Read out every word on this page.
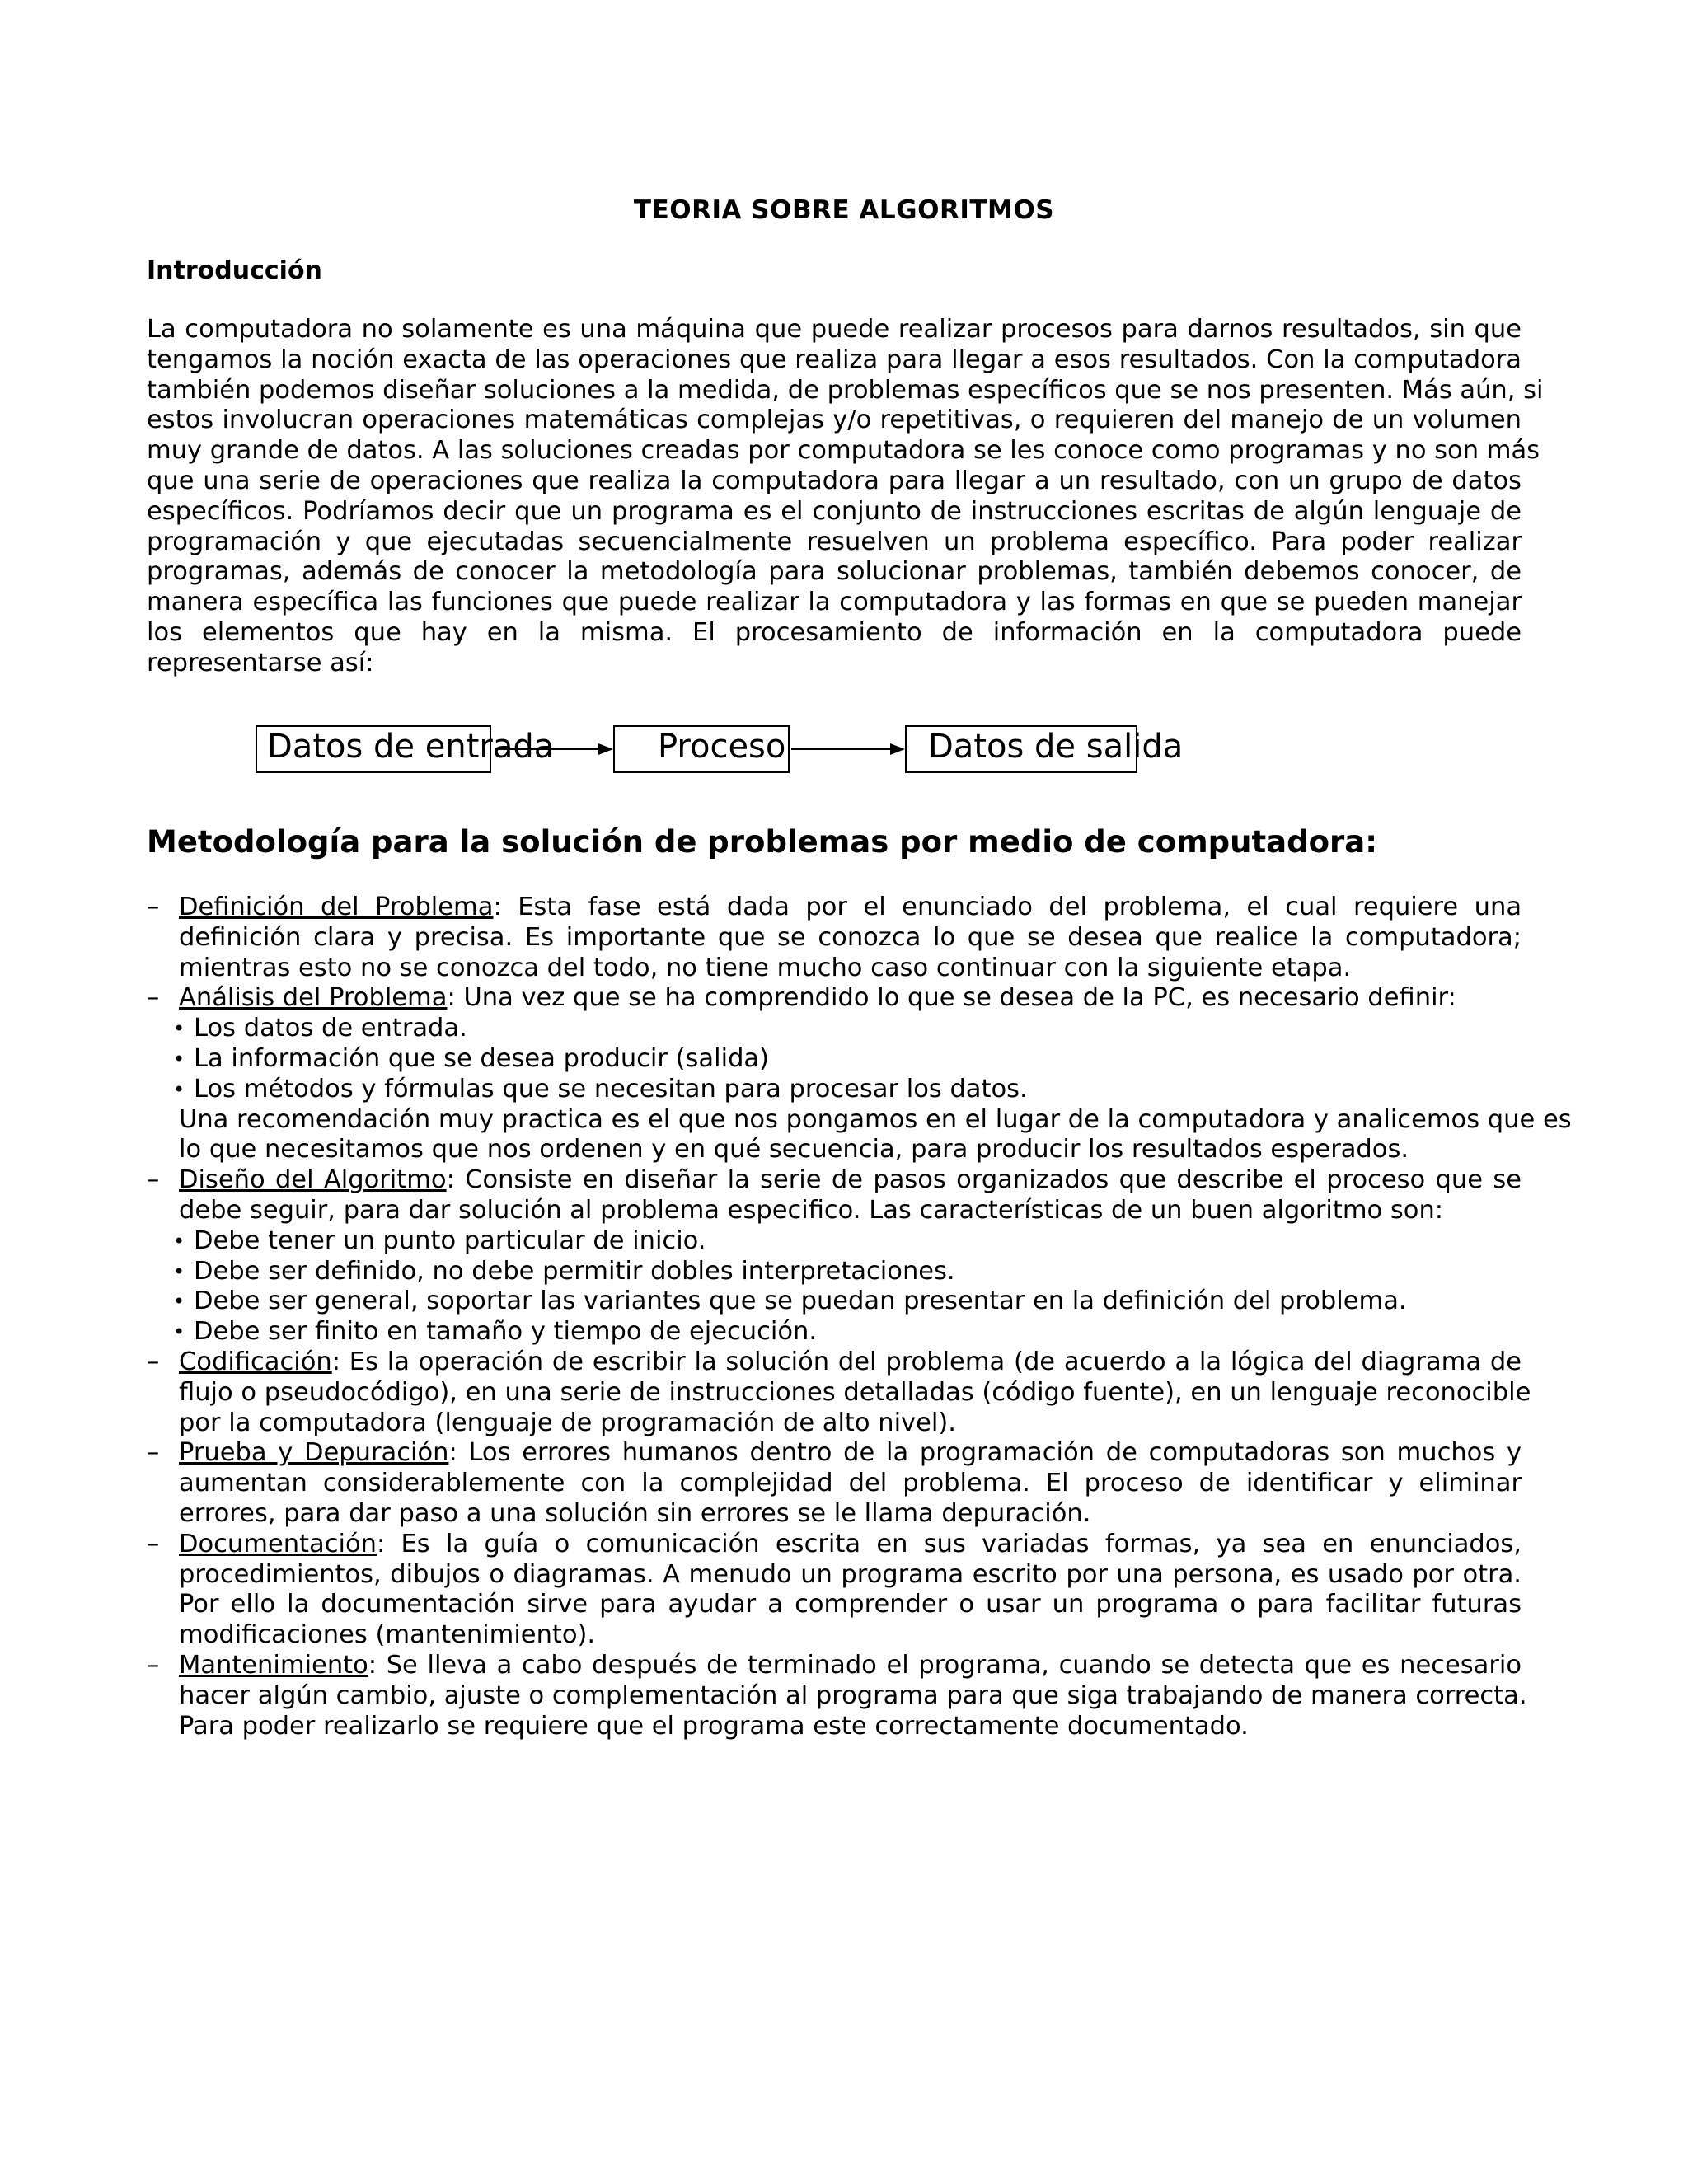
TEORIA SOBRE ALGORITMOS
Introducción
La computadora no solamente es una máquina que puede realizar procesos para darnos resultados, sin que
tengamos la noción exacta de las operaciones que realiza para llegar a esos resultados. Con la computadora
también podemos diseñar soluciones a la medida, de problemas específicos que se nos presenten. Más aún, si
estos involucran operaciones matemáticas complejas y/o repetitivas, o requieren del manejo de un volumen
muy grande de datos. A las soluciones creadas por computadora se les conoce como programas y no son más
que una serie de operaciones que realiza la computadora para llegar a un resultado, con un grupo de datos
específicos. Podríamos decir que un programa es el conjunto de instrucciones escritas de algún lenguaje de
programación y que ejecutadas secuencialmente resuelven un problema específico. Para poder realizar
programas, además de conocer la metodología para solucionar problemas, también debemos conocer, de
manera específica las funciones que puede realizar la computadora y las formas en que se pueden manejar
los elementos que hay en la misma. El procesamiento de información en la computadora puede
representarse así:
Datos de entrada	Proceso	Datos de salida
Metodología para la solución de problemas por medio de computadora:
– Definición del Problema: Esta fase está dada por el enunciado del problema, el cual requiere una
definición clara y precisa. Es importante que se conozca lo que se desea que realice la computadora;
mientras esto no se conozca del todo, no tiene mucho caso continuar con la siguiente etapa.
– Análisis del Problema: Una vez que se ha comprendido lo que se desea de la PC, es necesario definir:
• Los datos de entrada.
• La información que se desea producir (salida)
• Los métodos y fórmulas que se necesitan para procesar los datos.
Una recomendación muy practica es el que nos pongamos en el lugar de la computadora y analicemos que es
lo que necesitamos que nos ordenen y en qué secuencia, para producir los resultados esperados.
– Diseño del Algoritmo: Consiste en diseñar la serie de pasos organizados que describe el proceso que se
debe seguir, para dar solución al problema especifico. Las características de un buen algoritmo son:
• Debe tener un punto particular de inicio.
• Debe ser definido, no debe permitir dobles interpretaciones.
• Debe ser general, soportar las variantes que se puedan presentar en la definición del problema.
• Debe ser finito en tamaño y tiempo de ejecución.
– Codificación: Es la operación de escribir la solución del problema (de acuerdo a la lógica del diagrama de
flujo o pseudocódigo), en una serie de instrucciones detalladas (código fuente), en un lenguaje reconocible
por la computadora (lenguaje de programación de alto nivel).
– Prueba y Depuración: Los errores humanos dentro de la programación de computadoras son muchos y
aumentan considerablemente con la complejidad del problema. El proceso de identificar y eliminar
errores, para dar paso a una solución sin errores se le llama depuración.
– Documentación: Es la guía o comunicación escrita en sus variadas formas, ya sea en enunciados,
procedimientos, dibujos o diagramas. A menudo un programa escrito por una persona, es usado por otra.
Por ello la documentación sirve para ayudar a comprender o usar un programa o para facilitar futuras
modificaciones (mantenimiento).
– Mantenimiento: Se lleva a cabo después de terminado el programa, cuando se detecta que es necesario
hacer algún cambio, ajuste o complementación al programa para que siga trabajando de manera correcta.
Para poder realizarlo se requiere que el programa este correctamente documentado.
